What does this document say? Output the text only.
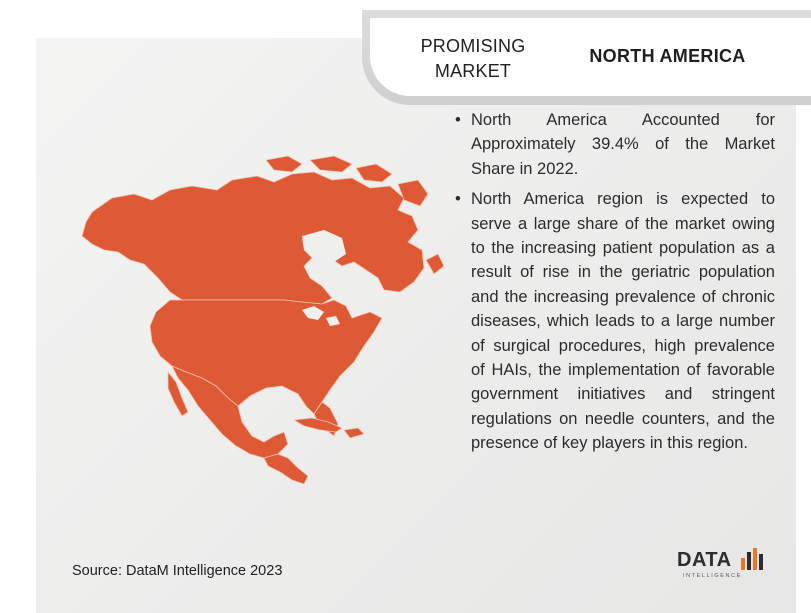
PROMISING
MARKET
NORTH AMERICA
• North America Accounted for Approximately 39.4% of the Market Share in 2022.
• North America region is expected to serve a large share of the market owing to the increasing patient population as a result of rise in the geriatric population and the increasing prevalence of chronic diseases, which leads to a large number of surgical procedures, high prevalence of HAIs, the implementation of favorable government initiatives and stringent regulations on needle counters, and the presence of key players in this region.
Source: DataM Intelligence 2023	DATA
INTELLIGENCE
